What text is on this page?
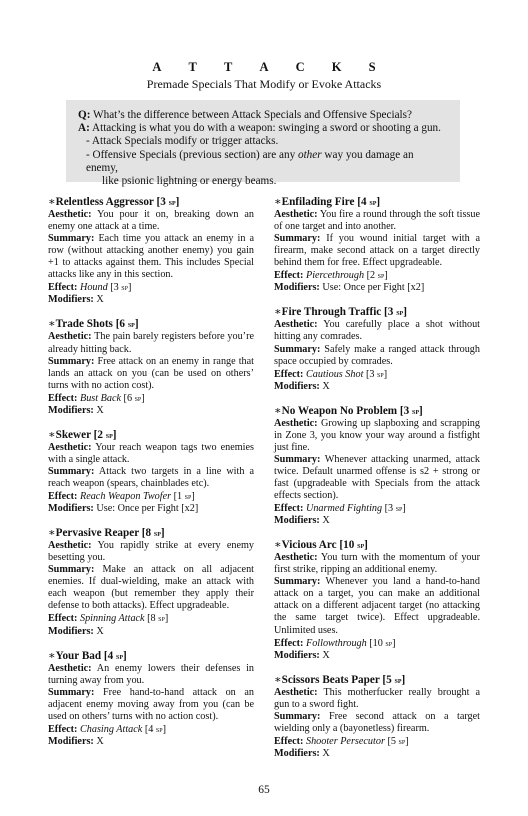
A T T A C K S
Premade Specials That Modify or Evoke Attacks

Q: What’s the difference between Attack Specials and Offensive Specials?

A: Attacking is what you do with a weapon: swinging a sword or shooting a gun.

- Attack Specials modify or trigger attacks.

- Offensive Specials (previous section) are any other way you damage an enemy,

like psionic lightning or energy beams.

∗Relentless Aggressor [3 sp]

Aesthetic: You pour it on, breaking down an enemy one attack at a time.

Summary: Each time you attack an enemy in a row (without attacking another enemy) you gain +1 to attacks against them. This includes Special attacks like any in this section.

Effect: Hound [3 sp]

Modifiers: X

∗Trade Shots [6 sp]

Aesthetic: The pain barely registers before you’re already hitting back.

Summary: Free attack on an enemy in range that lands an attack on you (can be used on others’ turns with no action cost).

Effect: Bust Back [6 sp]

Modifiers: X

∗Skewer [2 sp]

Aesthetic: Your reach weapon tags two enemies with a single attack.

Summary: Attack two targets in a line with a reach weapon (spears, chainblades etc).

Effect: Reach Weapon Twofer [1 sp]

Modifiers: Use: Once per Fight [x2]

∗Pervasive Reaper [8 sp]

Aesthetic: You rapidly strike at every enemy besetting you.

Summary: Make an attack on all adjacent enemies. If dual-wielding, make an attack with each weapon (but remember they apply their defense to both attacks). Effect upgradeable.

Effect: Spinning Attack [8 sp]

Modifiers: X

∗Your Bad [4 sp]

Aesthetic: An enemy lowers their defenses in turning away from you.

Summary: Free hand-to-hand attack on an adjacent enemy moving away from you (can be used on others’ turns with no action cost).

Effect: Chasing Attack [4 sp]

Modifiers: X

∗Enfilading Fire [4 sp]

Aesthetic: You fire a round through the soft tissue of one target and into another.

Summary: If you wound initial target with a firearm, make second attack on a target directly behind them for free. Effect upgradeable.

Effect: Piercethrough [2 sp]

Modifiers: Use: Once per Fight [x2]

∗Fire Through Traffic [3 sp]

Aesthetic: You carefully place a shot without hitting any comrades.

Summary: Safely make a ranged attack through space occupied by comrades.

Effect: Cautious Shot [3 sp]

Modifiers: X

∗No Weapon No Problem [3 sp]

Aesthetic: Growing up slapboxing and scrapping in Zone 3, you know your way around a fistfight just fine.

Summary: Whenever attacking unarmed, attack twice. Default unarmed offense is s2 + strong or fast (upgradeable with Specials from the attack effects section).

Effect: Unarmed Fighting [3 sp]

Modifiers: X

∗Vicious Arc [10 sp]

Aesthetic: You turn with the momentum of your first strike, ripping an additional enemy.

Summary: Whenever you land a hand-to-hand attack on a target, you can make an additional attack on a different adjacent target (no attacking the same target twice). Effect upgradeable. Unlimited uses.

Effect: Followthrough [10 sp]

Modifiers: X

∗Scissors Beats Paper [5 sp]

Aesthetic: This motherfucker really brought a gun to a sword fight.

Summary: Free second attack on a target wielding only a (bayonetless) firearm.

Effect: Shooter Persecutor [5 sp]

Modifiers: X

65
